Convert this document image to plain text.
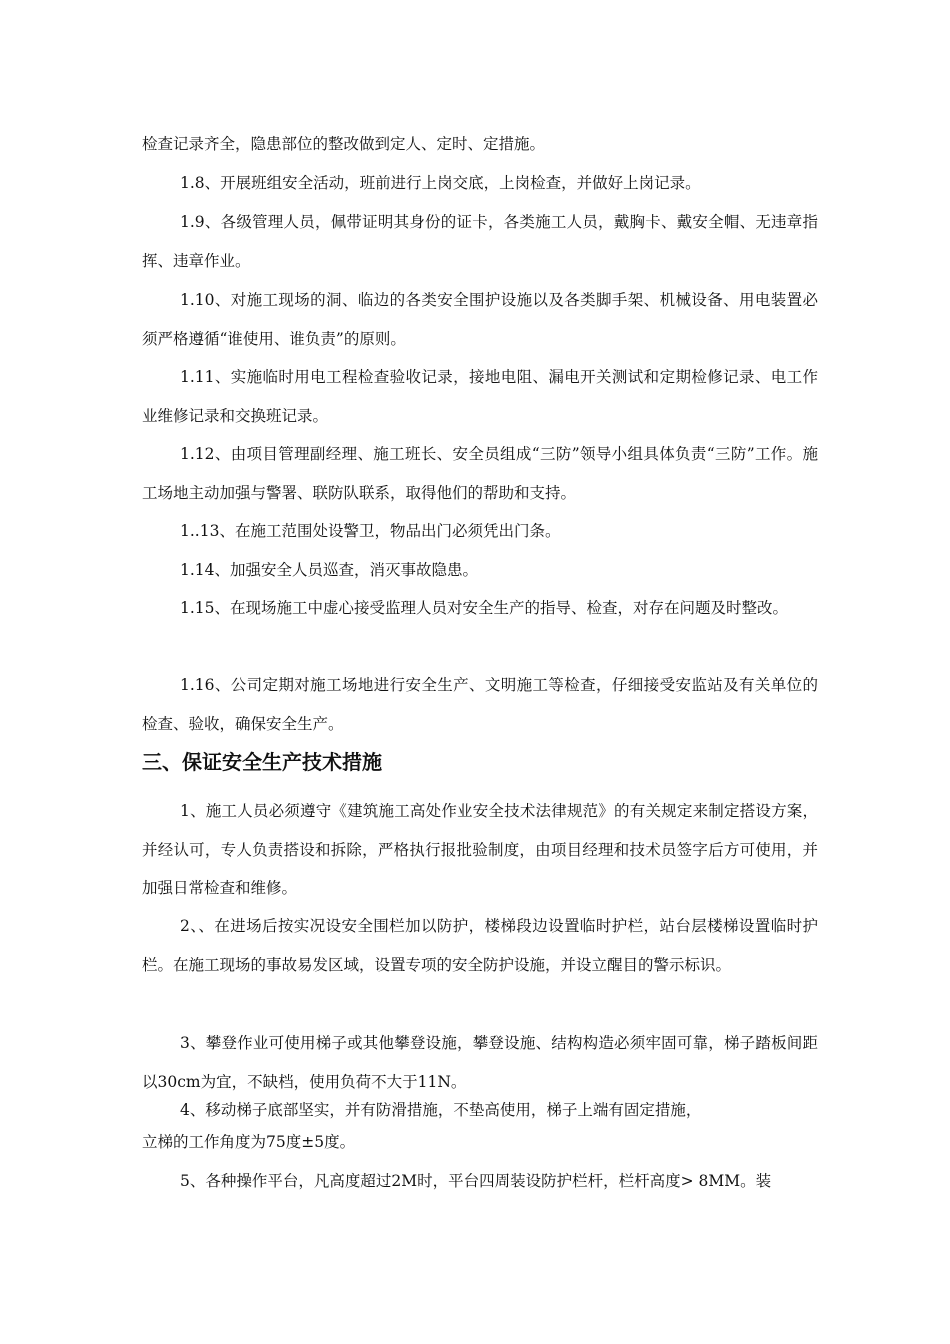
检查记录齐全，隐患部位的整改做到定人、定时、定措施。

1.8、开展班组安全活动，班前进行上岗交底，上岗检查，并做好上岗记录。

1.9、各级管理人员，佩带证明其身份的证卡，各类施工人员，戴胸卡、戴安全帽、无违章指挥、违章作业。

1.10、对施工现场的洞、临边的各类安全围护设施以及各类脚手架、机械设备、用电装置必须严格遵循“谁使用、谁负责”的原则。

1.11、实施临时用电工程检查验收记录，接地电阻、漏电开关测试和定期检修记录、电工作业维修记录和交换班记录。

1.12、由项目管理副经理、施工班长、安全员组成“三防”领导小组具体负责“三防”工作。施工场地主动加强与警署、联防队联系，取得他们的帮助和支持。

1..13、在施工范围处设警卫，物品出门必须凭出门条。

1.14、加强安全人员巡查，消灭事故隐患。

1.15、在现场施工中虚心接受监理人员对安全生产的指导、检查，对存在问题及时整改。

1.16、公司定期对施工场地进行安全生产、文明施工等检查，仔细接受安监站及有关单位的检查、验收，确保安全生产。

三、保证安全生产技术措施

1、施工人员必须遵守《建筑施工高处作业安全技术法律规范》的有关规定来制定搭设方案，并经认可，专人负责搭设和拆除，严格执行报批验制度，由项目经理和技术员签字后方可使用，并加强日常检查和维修。

2、、在进场后按实况设安全围栏加以防护，楼梯段边设置临时护栏，站台层楼梯设置临时护栏。在施工现场的事故易发区域，设置专项的安全防护设施，并设立醒目的警示标识。

3、攀登作业可使用梯子或其他攀登设施，攀登设施、结构构造必须牢固可靠，梯子踏板间距以30cm为宜，不缺档，使用负荷不大于11N。

4、移动梯子底部坚实，并有防滑措施，不垫高使用，梯子上端有固定措施，

立梯的工作角度为75度±5度。

5、各种操作平台，凡高度超过2M时，平台四周装设防护栏杆，栏杆高度> 8MM。装
